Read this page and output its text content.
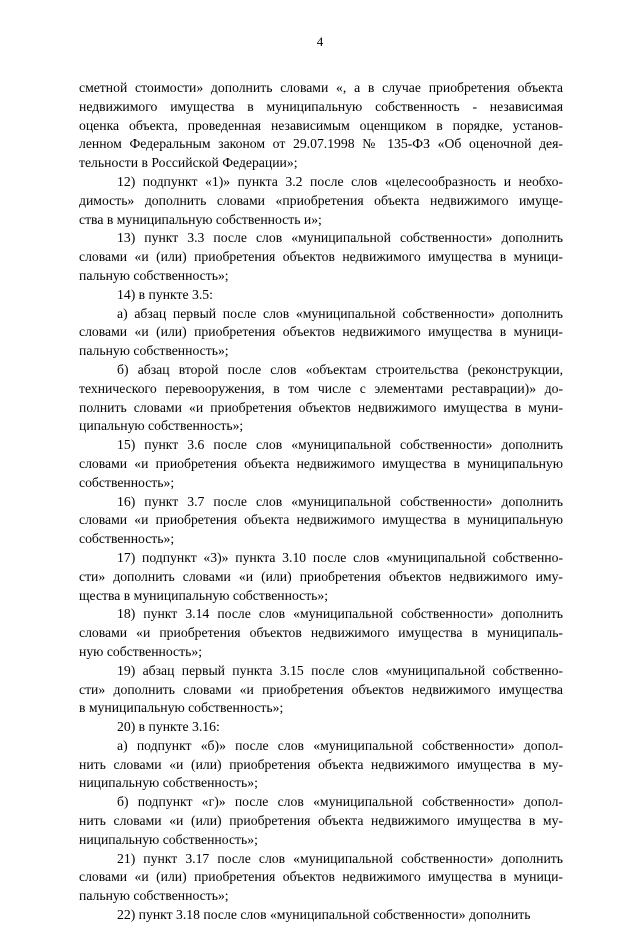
4
сметной стоимости» дополнить словами «, а в случае приобретения объекта
недвижимого имущества в муниципальную собственность - независимая
оценка объекта, проведенная независимым оценщиком в порядке, установ-
ленном Федеральным законом от 29.07.1998 № 135-ФЗ «Об оценочной дея-
тельности в Российской Федерации»;
12) подпункт «1)» пункта 3.2 после слов «целесообразность и необхо-
димость» дополнить словами «приобретения объекта недвижимого имуще-
ства в муниципальную собственность и»;
13) пункт 3.3 после слов «муниципальной собственности» дополнить
словами «и (или) приобретения объектов недвижимого имущества в муници-
пальную собственность»;
14) в пункте 3.5:
а) абзац первый после слов «муниципальной собственности» дополнить
словами «и (или) приобретения объектов недвижимого имущества в муници-
пальную собственность»;
б) абзац второй после слов «объектам строительства (реконструкции,
технического перевооружения, в том числе с элементами реставрации)» до-
полнить словами «и приобретения объектов недвижимого имущества в муни-
ципальную собственность»;
15) пункт 3.6 после слов «муниципальной собственности» дополнить
словами «и приобретения объекта недвижимого имущества в муниципальную
собственность»;
16) пункт 3.7 после слов «муниципальной собственности» дополнить
словами «и приобретения объекта недвижимого имущества в муниципальную
собственность»;
17) подпункт «3)» пункта 3.10 после слов «муниципальной собственно-
сти» дополнить словами «и (или) приобретения объектов недвижимого иму-
щества в муниципальную собственность»;
18) пункт 3.14 после слов «муниципальной собственности» дополнить
словами «и приобретения объектов недвижимого имущества в муниципаль-
ную собственность»;
19) абзац первый пункта 3.15 после слов «муниципальной собственно-
сти» дополнить словами «и приобретения объектов недвижимого имущества
в муниципальную собственность»;
20) в пункте 3.16:
а) подпункт «б)» после слов «муниципальной собственности» допол-
нить словами «и (или) приобретения объекта недвижимого имущества в му-
ниципальную собственность»;
б) подпункт «г)» после слов «муниципальной собственности» допол-
нить словами «и (или) приобретения объекта недвижимого имущества в му-
ниципальную собственность»;
21) пункт 3.17 после слов «муниципальной собственности» дополнить
словами «и (или) приобретения объектов недвижимого имущества в муници-
пальную собственность»;
22) пункт 3.18 после слов «муниципальной собственности» дополнить
